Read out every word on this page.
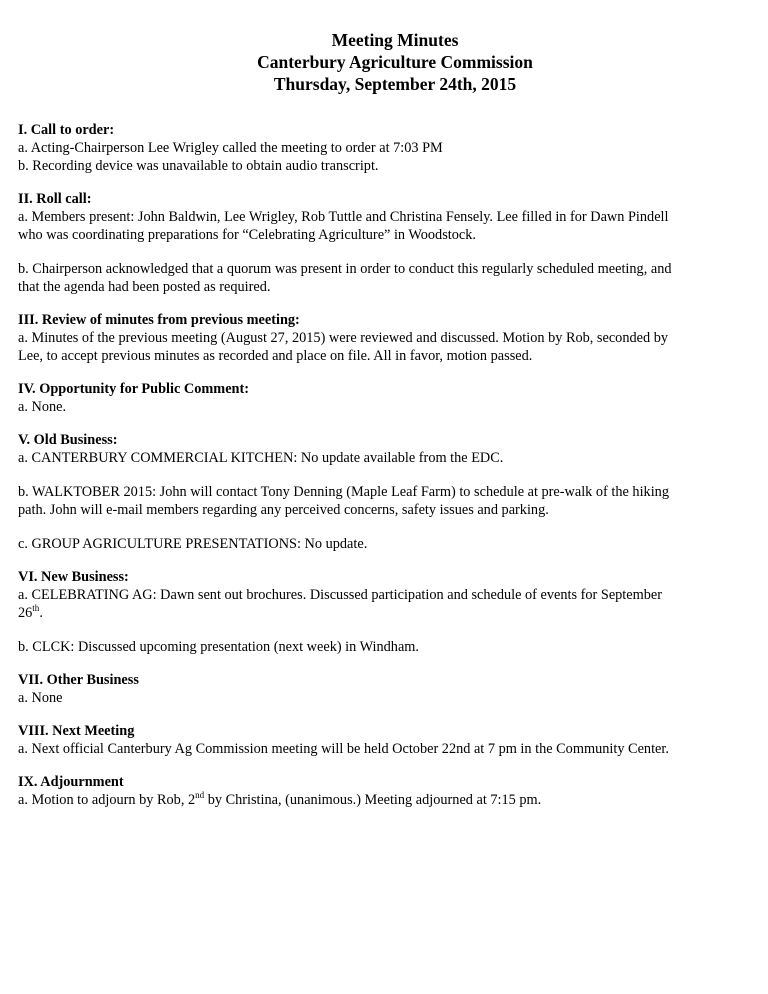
Meeting Minutes
Canterbury Agriculture Commission
Thursday, September 24th, 2015
I. Call to order:
a. Acting-Chairperson Lee Wrigley called the meeting to order at 7:03 PM
b. Recording device was unavailable to obtain audio transcript.
II. Roll call:
a. Members present: John Baldwin, Lee Wrigley, Rob Tuttle and Christina Fensely. Lee filled in for Dawn Pindell who was coordinating preparations for “Celebrating Agriculture” in Woodstock.
b. Chairperson acknowledged that a quorum was present in order to conduct this regularly scheduled meeting, and that the agenda had been posted as required.
III. Review of minutes from previous meeting:
a. Minutes of the previous meeting (August 27, 2015) were reviewed and discussed. Motion by Rob, seconded by Lee, to accept previous minutes as recorded and place on file. All in favor, motion passed.
IV. Opportunity for Public Comment:
a. None.
V. Old Business:
a. CANTERBURY COMMERCIAL KITCHEN: No update available from the EDC.
b. WALKTOBER 2015: John will contact Tony Denning (Maple Leaf Farm) to schedule at pre-walk of the hiking path. John will e-mail members regarding any perceived concerns, safety issues and parking.
c. GROUP AGRICULTURE PRESENTATIONS: No update.
VI. New Business:
a. CELEBRATING AG: Dawn sent out brochures. Discussed participation and schedule of events for September 26th.
b. CLCK: Discussed upcoming presentation (next week) in Windham.
VII. Other Business
a. None
VIII. Next Meeting
a. Next official Canterbury Ag Commission meeting will be held October 22nd at 7 pm in the Community Center.
IX. Adjournment
a. Motion to adjourn by Rob, 2nd by Christina, (unanimous.) Meeting adjourned at 7:15 pm.
